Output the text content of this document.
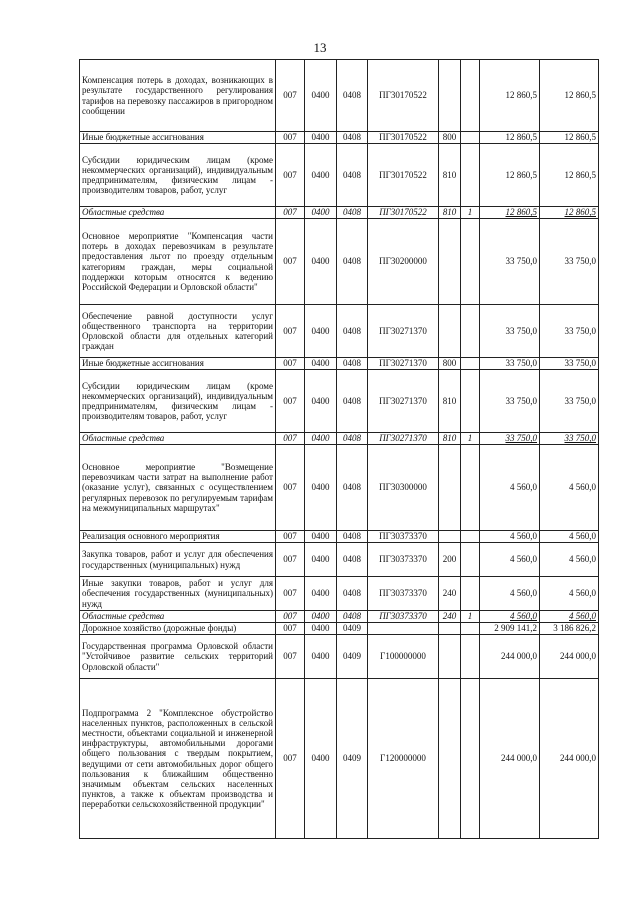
13
Компенсация потерь в доходах, возникающих в результате государственного регулирования тарифов на перевозку пассажиров в пригородном сообщении	007	0400	0408	ПГ30170522			12 860,5	12 860,5
Иные бюджетные ассигнования	007	0400	0408	ПГ30170522	800		12 860,5	12 860,5
Субсидии юридическим лицам (кроме некоммерческих организаций), индивидуальным предпринимателям, физическим лицам - производителям товаров, работ, услуг	007	0400	0408	ПГ30170522	810		12 860,5	12 860,5
Областные средства	007	0400	0408	ПГ30170522	810	1	12 860,5	12 860,5
Основное мероприятие "Компенсация части потерь в доходах перевозчикам в результате предоставления льгот по проезду отдельным категориям граждан, меры социальной поддержки которым относятся к ведению Российской Федерации и Орловской области"	007	0400	0408	ПГ30200000			33 750,0	33 750,0
Обеспечение равной доступности услуг общественного транспорта на территории Орловской области для отдельных категорий граждан	007	0400	0408	ПГ30271370			33 750,0	33 750,0
Иные бюджетные ассигнования	007	0400	0408	ПГ30271370	800		33 750,0	33 750,0
Субсидии юридическим лицам (кроме некоммерческих организаций), индивидуальным предпринимателям, физическим лицам - производителям товаров, работ, услуг	007	0400	0408	ПГ30271370	810		33 750,0	33 750,0
Областные средства	007	0400	0408	ПГ30271370	810	1	33 750,0	33 750,0
Основное мероприятие "Возмещение перевозчикам части затрат на выполнение работ (оказание услуг), связанных с осуществлением регулярных перевозок по регулируемым тарифам на межмуниципальных маршрутах"	007	0400	0408	ПГ30300000			4 560,0	4 560,0
Реализация основного мероприятия	007	0400	0408	ПГ30373370			4 560,0	4 560,0
Закупка товаров, работ и услуг для обеспечения государственных (муниципальных) нужд	007	0400	0408	ПГ30373370	200		4 560,0	4 560,0
Иные закупки товаров, работ и услуг для обеспечения государственных (муниципальных) нужд	007	0400	0408	ПГ30373370	240		4 560,0	4 560,0
Областные средства	007	0400	0408	ПГ30373370	240	1	4 560,0	4 560,0
Дорожное хозяйство (дорожные фонды)	007	0400	0409				2 909 141,2	3 186 826,2
Государственная программа Орловской области "Устойчивое развитие сельских территорий Орловской области"	007	0400	0409	Г100000000			244 000,0	244 000,0
Подпрограмма 2 "Комплексное обустройство населенных пунктов, расположенных в сельской местности, объектами социальной и инженерной инфраструктуры, автомобильными дорогами общего пользования с твердым покрытием, ведущими от сети автомобильных дорог общего пользования к ближайшим общественно значимым объектам сельских населенных пунктов, а также к объектам производства и переработки сельскохозяйственной продукции"	007	0400	0409	Г120000000			244 000,0	244 000,0
